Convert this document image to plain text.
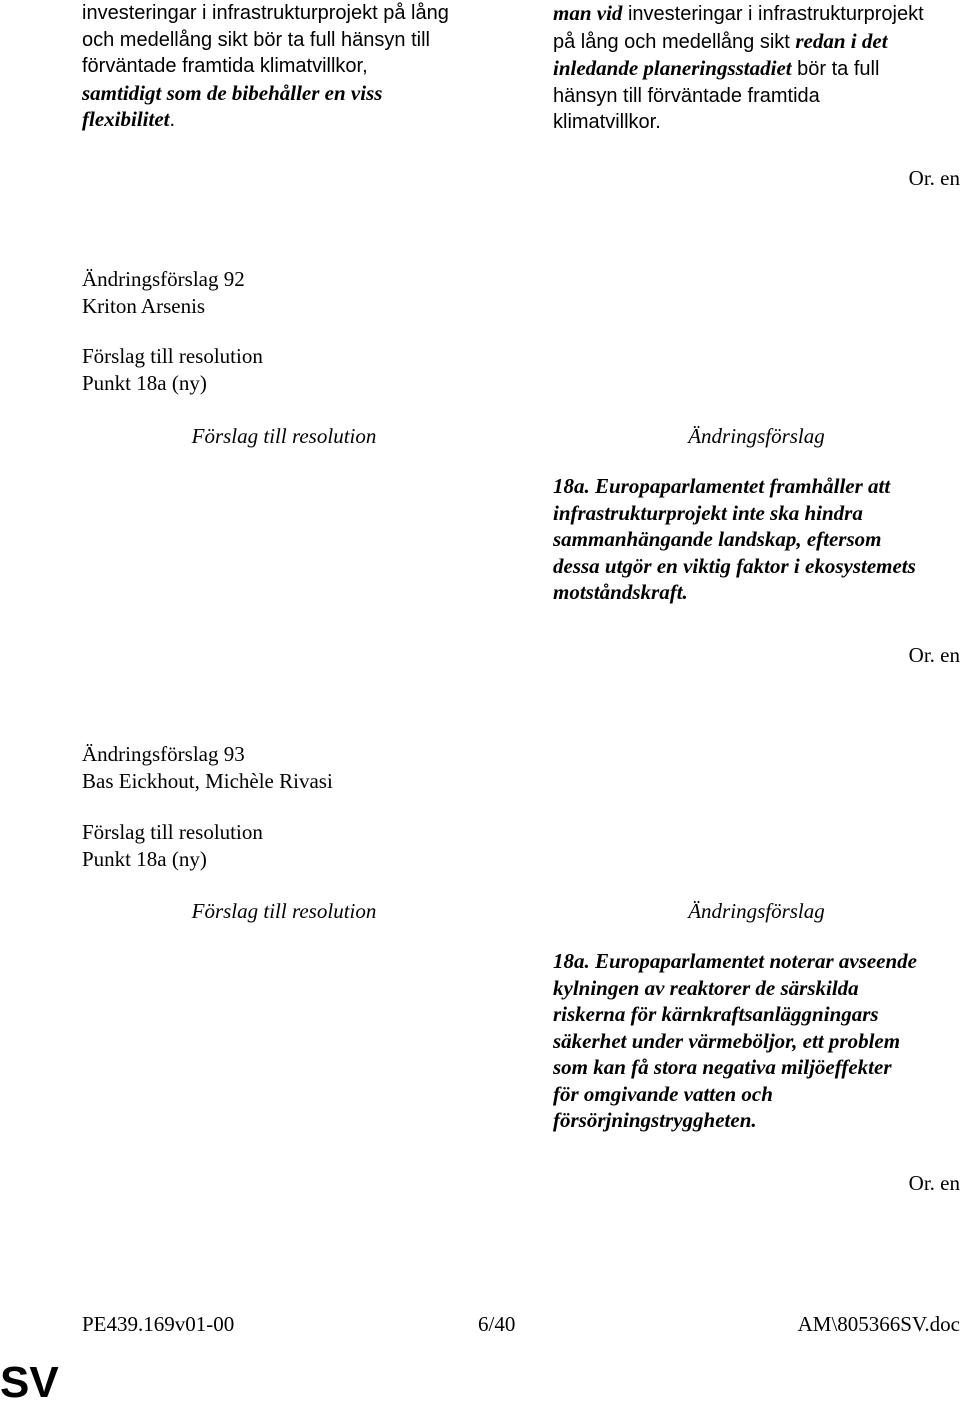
investeringar i infrastrukturprojekt på lång
och medellång sikt bör ta full hänsyn till
förväntade framtida klimatvillkor,
samtidigt som de bibehåller en viss
flexibilitet.
man vid investeringar i infrastrukturprojekt
på lång och medellång sikt redan i det
inledande planeringsstadiet bör ta full
hänsyn till förväntade framtida
klimatvillkor.
Or. en
Ändringsförslag 92
Kriton Arsenis
Förslag till resolution
Punkt 18a (ny)
Förslag till resolution	Ändringsförslag
18a. Europaparlamentet framhåller att
infrastrukturprojekt inte ska hindra
sammanhängande landskap, eftersom
dessa utgör en viktig faktor i ekosystemets
motståndskraft.
Or. en
Ändringsförslag 93
Bas Eickhout, Michèle Rivasi
Förslag till resolution
Punkt 18a (ny)
Förslag till resolution	Ändringsförslag
18a. Europaparlamentet noterar avseende
kylningen av reaktorer de särskilda
riskerna för kärnkraftsanläggningars
säkerhet under värmeböljor, ett problem
som kan få stora negativa miljöeffekter
för omgivande vatten och
försörjningstryggheten.
Or. en
PE439.169v01-00	6/40	AM\805366SV.doc
SV
